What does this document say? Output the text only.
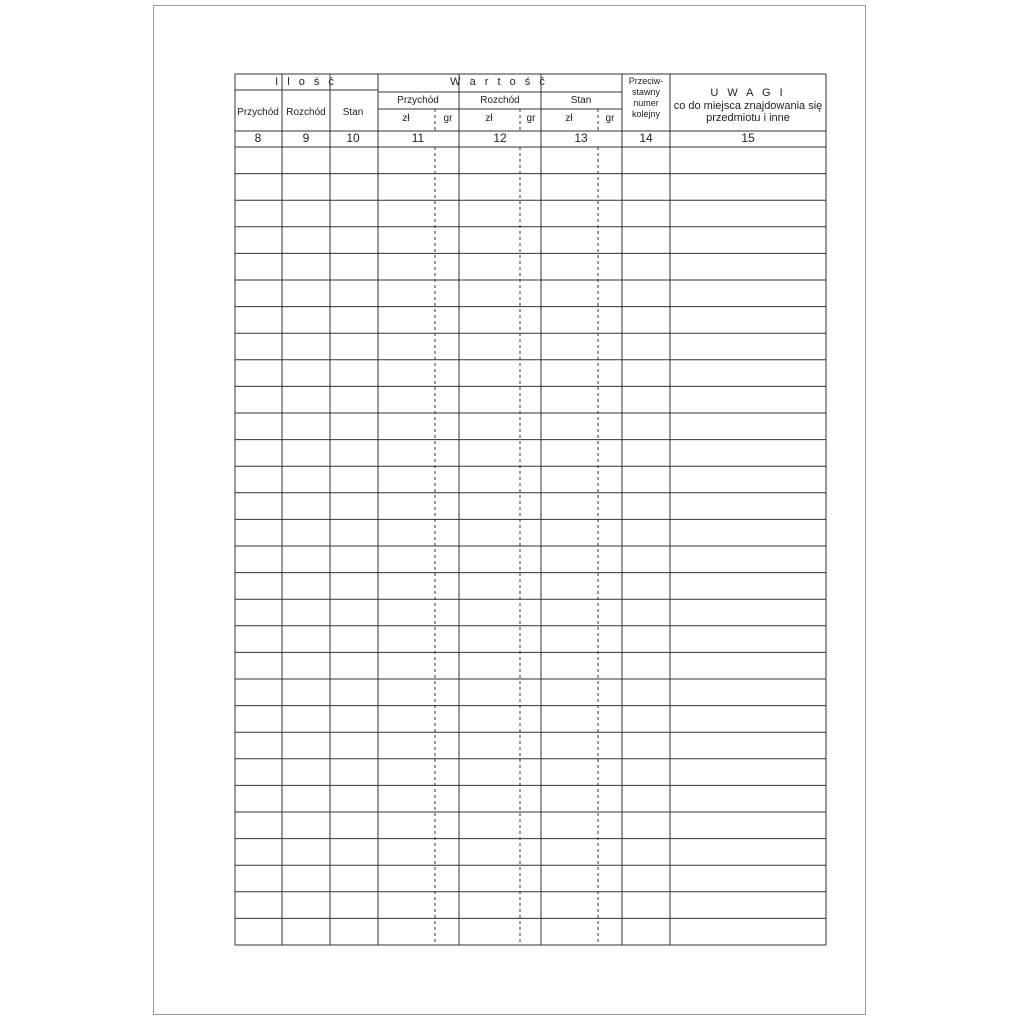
I l o ś ć
Przychód Rozchód Stan
W a r t o ś ć
Przychód	Rozchód	Stan
zł	gr	zł	gr	zł	gr
Przeciw-
stawny
numer
kolejny
U W A G I
co do miejsca znajdowania się
przedmiotu i inne
8	9	10	11	12	13	14	15
